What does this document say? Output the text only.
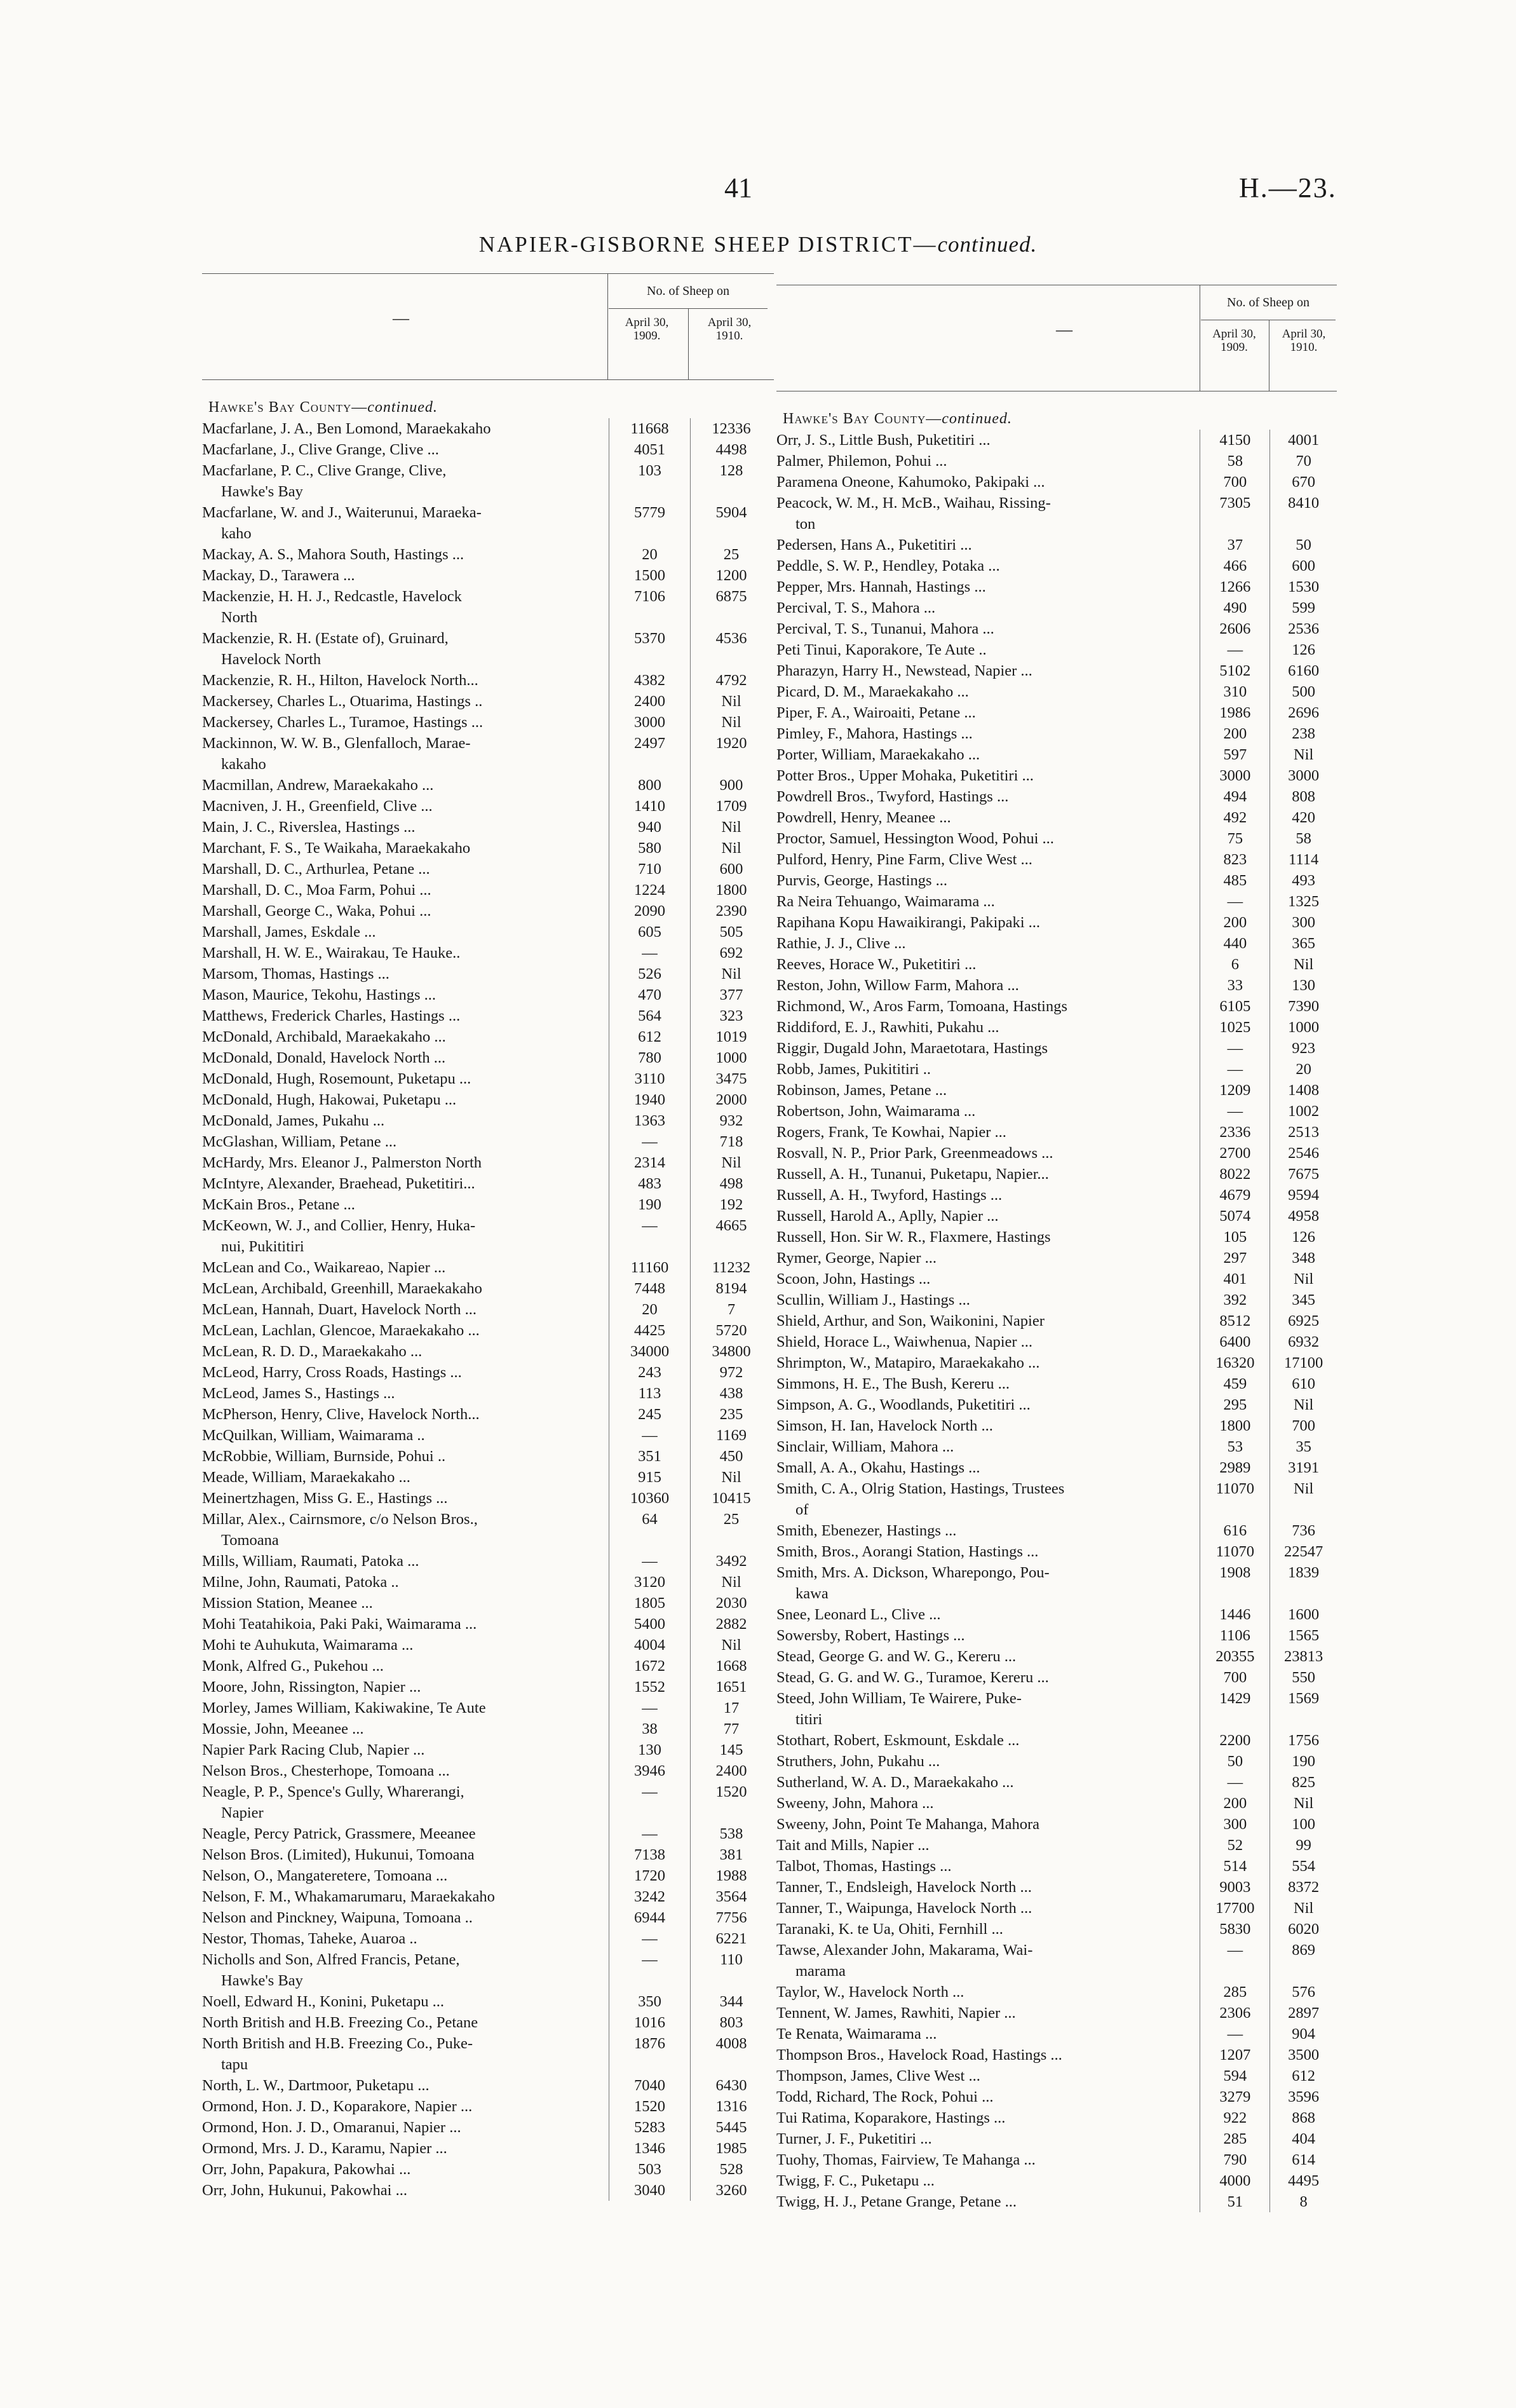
41	H.—23.
NAPIER-GISBORNE SHEEP DISTRICT—continued.
—
No. of Sheep on
April 30,
1909.
April 30,
1910.
Hawke's Bay County—continued.
Macfarlane, J. A., Ben Lomond, Maraekakaho	11668	12336
Macfarlane, J., Clive Grange, Clive ...	4051	4498
Macfarlane, P. C., Clive Grange, Clive,
Hawke's Bay
103	128
Macfarlane, W. and J., Waiterunui, Maraeka-
kaho
5779	5904
Mackay, A. S., Mahora South, Hastings ...	20	25
Mackay, D., Tarawera ...	1500	1200
Mackenzie, H. H. J., Redcastle, Havelock
North
7106	6875
Mackenzie, R. H. (Estate of), Gruinard,
Havelock North
5370	4536
Mackenzie, R. H., Hilton, Havelock North...	4382	4792
Mackersey, Charles L., Otuarima, Hastings ..	2400	Nil
Mackersey, Charles L., Turamoe, Hastings ...	3000	Nil
Mackinnon, W. W. B., Glenfalloch, Marae-
kakaho
2497	1920
Macmillan, Andrew, Maraekakaho ...	800	900
Macniven, J. H., Greenfield, Clive ...	1410	1709
Main, J. C., Riverslea, Hastings ...	940	Nil
Marchant, F. S., Te Waikaha, Maraekakaho	580	Nil
Marshall, D. C., Arthurlea, Petane ...	710	600
Marshall, D. C., Moa Farm, Pohui ...	1224	1800
Marshall, George C., Waka, Pohui ...	2090	2390
Marshall, James, Eskdale ...	605	505
Marshall, H. W. E., Wairakau, Te Hauke..	—	692
Marsom, Thomas, Hastings ...	526	Nil
Mason, Maurice, Tekohu, Hastings ...	470	377
Matthews, Frederick Charles, Hastings ...	564	323
McDonald, Archibald, Maraekakaho ...	612	1019
McDonald, Donald, Havelock North ...	780	1000
McDonald, Hugh, Rosemount, Puketapu ...	3110	3475
McDonald, Hugh, Hakowai, Puketapu ...	1940	2000
McDonald, James, Pukahu ...	1363	932
McGlashan, William, Petane ...	—	718
McHardy, Mrs. Eleanor J., Palmerston North	2314	Nil
McIntyre, Alexander, Braehead, Puketitiri...	483	498
McKain Bros., Petane ...	190	192
McKeown, W. J., and Collier, Henry, Huka-
nui, Pukititiri
—	4665
McLean and Co., Waikareao, Napier ...	11160	11232
McLean, Archibald, Greenhill, Maraekakaho	7448	8194
McLean, Hannah, Duart, Havelock North ...	20	7
McLean, Lachlan, Glencoe, Maraekakaho ...	4425	5720
McLean, R. D. D., Maraekakaho ...	34000	34800
McLeod, Harry, Cross Roads, Hastings ...	243	972
McLeod, James S., Hastings ...	113	438
McPherson, Henry, Clive, Havelock North...	245	235
McQuilkan, William, Waimarama ..	—	1169
McRobbie, William, Burnside, Pohui ..	351	450
Meade, William, Maraekakaho ...	915	Nil
Meinertzhagen, Miss G. E., Hastings ...	10360	10415
Millar, Alex., Cairnsmore, c/o Nelson Bros.,
Tomoana
64	25
Mills, William, Raumati, Patoka ...	—	3492
Milne, John, Raumati, Patoka ..	3120	Nil
Mission Station, Meanee ...	1805	2030
Mohi Teatahikoia, Paki Paki, Waimarama ...	5400	2882
Mohi te Auhukuta, Waimarama ...	4004	Nil
Monk, Alfred G., Pukehou ...	1672	1668
Moore, John, Rissington, Napier ...	1552	1651
Morley, James William, Kakiwakine, Te Aute	—	17
Mossie, John, Meeanee ...	38	77
Napier Park Racing Club, Napier ...	130	145
Nelson Bros., Chesterhope, Tomoana ...	3946	2400
Neagle, P. P., Spence's Gully, Wharerangi,
Napier
—	1520
Neagle, Percy Patrick, Grassmere, Meeanee	—	538
Nelson Bros. (Limited), Hukunui, Tomoana	7138	381
Nelson, O., Mangateretere, Tomoana ...	1720	1988
Nelson, F. M., Whakamarumaru, Maraekakaho	3242	3564
Nelson and Pinckney, Waipuna, Tomoana ..	6944	7756
Nestor, Thomas, Taheke, Auaroa ..	—	6221
Nicholls and Son, Alfred Francis, Petane,
Hawke's Bay
—	110
Noell, Edward H., Konini, Puketapu ...	350	344
North British and H.B. Freezing Co., Petane	1016	803
North British and H.B. Freezing Co., Puke-
tapu
1876	4008
North, L. W., Dartmoor, Puketapu ...	7040	6430
Ormond, Hon. J. D., Koparakore, Napier ...	1520	1316
Ormond, Hon. J. D., Omaranui, Napier ...	5283	5445
Ormond, Mrs. J. D., Karamu, Napier ...	1346	1985
Orr, John, Papakura, Pakowhai ...	503	528
Orr, John, Hukunui, Pakowhai ...	3040	3260
—
No. of Sheep on
April 30,
1909.
April 30,
1910.
Hawke's Bay County—continued.
Orr, J. S., Little Bush, Puketitiri ...	4150	4001
Palmer, Philemon, Pohui ...	58	70
Paramena Oneone, Kahumoko, Pakipaki ...	700	670
Peacock, W. M., H. McB., Waihau, Rissing-
ton
7305	8410
Pedersen, Hans A., Puketitiri ...	37	50
Peddle, S. W. P., Hendley, Potaka ...	466	600
Pepper, Mrs. Hannah, Hastings ...	1266	1530
Percival, T. S., Mahora ...	490	599
Percival, T. S., Tunanui, Mahora ...	2606	2536
Peti Tinui, Kaporakore, Te Aute ..	—	126
Pharazyn, Harry H., Newstead, Napier ...	5102	6160
Picard, D. M., Maraekakaho ...	310	500
Piper, F. A., Wairoaiti, Petane ...	1986	2696
Pimley, F., Mahora, Hastings ...	200	238
Porter, William, Maraekakaho ...	597	Nil
Potter Bros., Upper Mohaka, Puketitiri ...	3000	3000
Powdrell Bros., Twyford, Hastings ...	494	808
Powdrell, Henry, Meanee ...	492	420
Proctor, Samuel, Hessington Wood, Pohui ...	75	58
Pulford, Henry, Pine Farm, Clive West ...	823	1114
Purvis, George, Hastings ...	485	493
Ra Neira Tehuango, Waimarama ...	—	1325
Rapihana Kopu Hawaikirangi, Pakipaki ...	200	300
Rathie, J. J., Clive ...	440	365
Reeves, Horace W., Puketitiri ...	6	Nil
Reston, John, Willow Farm, Mahora ...	33	130
Richmond, W., Aros Farm, Tomoana, Hastings	6105	7390
Riddiford, E. J., Rawhiti, Pukahu ...	1025	1000
Riggir, Dugald John, Maraetotara, Hastings	—	923
Robb, James, Pukititiri ..	—	20
Robinson, James, Petane ...	1209	1408
Robertson, John, Waimarama ...	—	1002
Rogers, Frank, Te Kowhai, Napier ...	2336	2513
Rosvall, N. P., Prior Park, Greenmeadows ...	2700	2546
Russell, A. H., Tunanui, Puketapu, Napier...	8022	7675
Russell, A. H., Twyford, Hastings ...	4679	9594
Russell, Harold A., Aplly, Napier ...	5074	4958
Russell, Hon. Sir W. R., Flaxmere, Hastings	105	126
Rymer, George, Napier ...	297	348
Scoon, John, Hastings ...	401	Nil
Scullin, William J., Hastings ...	392	345
Shield, Arthur, and Son, Waikonini, Napier	8512	6925
Shield, Horace L., Waiwhenua, Napier ...	6400	6932
Shrimpton, W., Matapiro, Maraekakaho ...	16320	17100
Simmons, H. E., The Bush, Kereru ...	459	610
Simpson, A. G., Woodlands, Puketitiri ...	295	Nil
Simson, H. Ian, Havelock North ...	1800	700
Sinclair, William, Mahora ...	53	35
Small, A. A., Okahu, Hastings ...	2989	3191
Smith, C. A., Olrig Station, Hastings, Trustees
of
11070	Nil
Smith, Ebenezer, Hastings ...	616	736
Smith, Bros., Aorangi Station, Hastings ...	11070	22547
Smith, Mrs. A. Dickson, Wharepongo, Pou-
kawa
1908	1839
Snee, Leonard L., Clive ...	1446	1600
Sowersby, Robert, Hastings ...	1106	1565
Stead, George G. and W. G., Kereru ...	20355	23813
Stead, G. G. and W. G., Turamoe, Kereru ...	700	550
Steed, John William, Te Wairere, Puke-
titiri
1429	1569
Stothart, Robert, Eskmount, Eskdale ...	2200	1756
Struthers, John, Pukahu ...	50	190
Sutherland, W. A. D., Maraekakaho ...	—	825
Sweeny, John, Mahora ...	200	Nil
Sweeny, John, Point Te Mahanga, Mahora	300	100
Tait and Mills, Napier ...	52	99
Talbot, Thomas, Hastings ...	514	554
Tanner, T., Endsleigh, Havelock North ...	9003	8372
Tanner, T., Waipunga, Havelock North ...	17700	Nil
Taranaki, K. te Ua, Ohiti, Fernhill ...	5830	6020
Tawse, Alexander John, Makarama, Wai-
marama
—	869
Taylor, W., Havelock North ...	285	576
Tennent, W. James, Rawhiti, Napier ...	2306	2897
Te Renata, Waimarama ...	—	904
Thompson Bros., Havelock Road, Hastings ...	1207	3500
Thompson, James, Clive West ...	594	612
Todd, Richard, The Rock, Pohui ...	3279	3596
Tui Ratima, Koparakore, Hastings ...	922	868
Turner, J. F., Puketitiri ...	285	404
Tuohy, Thomas, Fairview, Te Mahanga ...	790	614
Twigg, F. C., Puketapu ...	4000	4495
Twigg, H. J., Petane Grange, Petane ...	51	8
